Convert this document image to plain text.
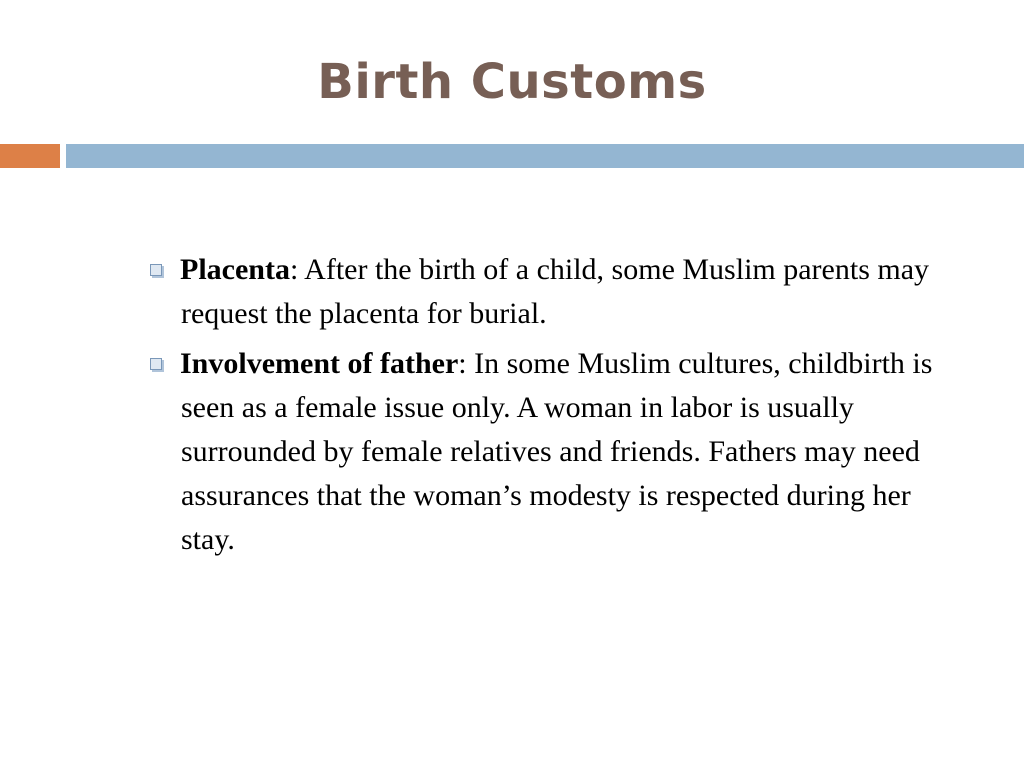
Birth Customs
Placenta: After the birth of a child, some Muslim parents may request the placenta for burial.
Involvement of father: In some Muslim cultures, childbirth is seen as a female issue only. A woman in labor is usually surrounded by female relatives and friends. Fathers may need assurances that the woman’s modesty is respected during her stay.
